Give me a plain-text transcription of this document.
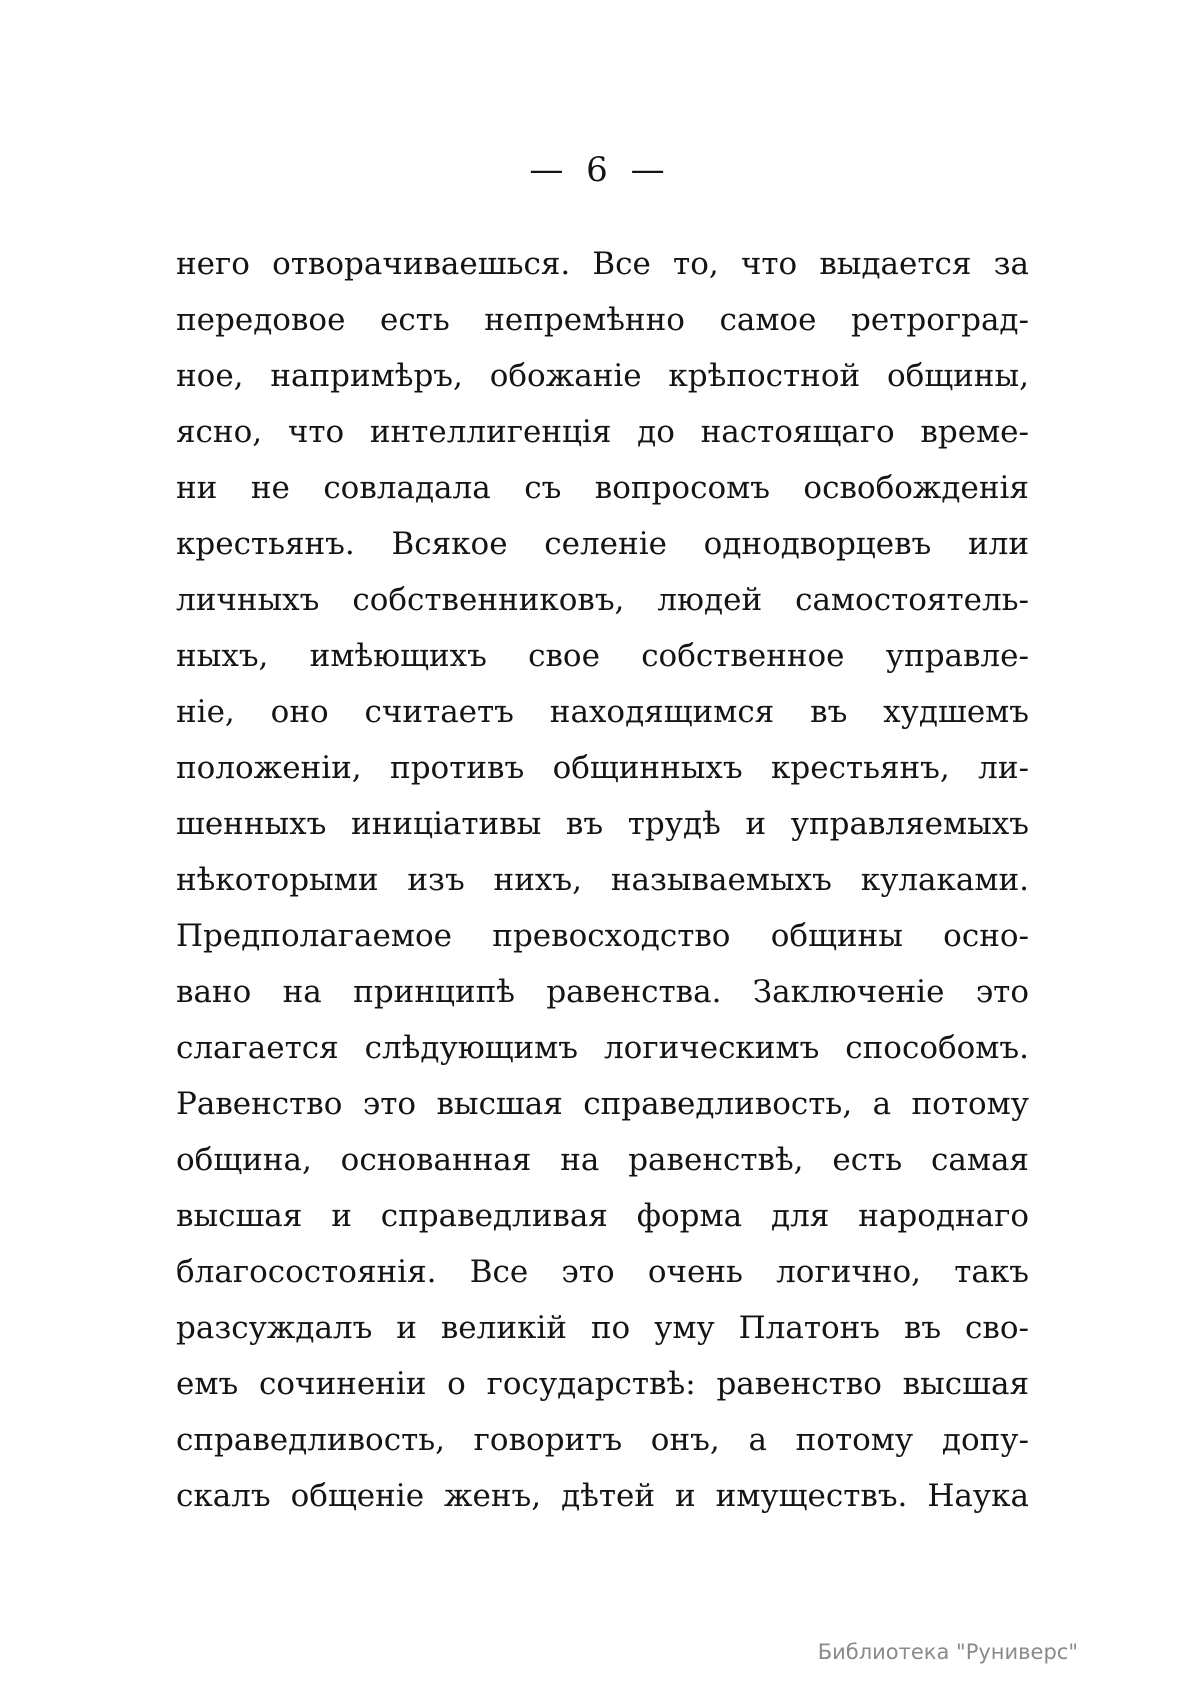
— 6 —
него отворачиваешься. Все то, что выдается за
передовое есть непремѣнно самое ретроград-
ное, напримѣръ, обожаніе крѣпостной общины,
ясно, что интеллигенція до настоящаго време-
ни не совладала съ вопросомъ освобожденія
крестьянъ. Всякое селеніе однодворцевъ или
личныхъ собственниковъ, людей самостоятель-
ныхъ, имѣющихъ свое собственное управле-
ніе, оно считаетъ находящимся въ худшемъ
положеніи, противъ общинныхъ крестьянъ, ли-
шенныхъ иниціативы въ трудѣ и управляемыхъ
нѣкоторыми изъ нихъ, называемыхъ кулаками.
Предполагаемое превосходство общины осно-
вано на принципѣ равенства. Заключеніе это
слагается слѣдующимъ логическимъ способомъ.
Равенство это высшая справедливость, а потому
община, основанная на равенствѣ, есть самая
высшая и справедливая форма для народнаго
благосостоянія. Все это очень логично, такъ
разсуждалъ и великій по уму Платонъ въ сво-
емъ сочиненіи о государствѣ: равенство высшая
справедливость, говоритъ онъ, а потому допу-
скалъ общеніе женъ, дѣтей и имуществъ. Наука
Библиотека "Руниверс"
